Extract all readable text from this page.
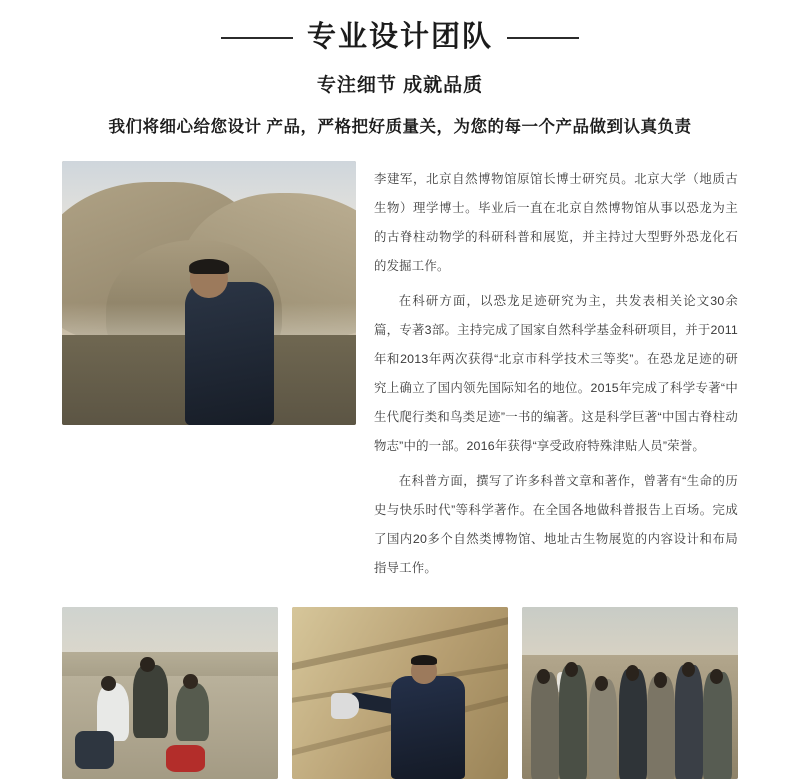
专业设计团队
专注细节 成就品质
我们将细心给您设计 产品，严格把好质量关，为您的每一个产品做到认真负责

李建军，北京自然博物馆原馆长博士研究员。北京大学（地质古生物）理学博士。毕业后一直在北京自然博物馆从事以恐龙为主的古脊柱动物学的科研科普和展览，并主持过大型野外恐龙化石的发掘工作。

在科研方面，以恐龙足迹研究为主，共发表相关论文30余篇，专著3部。主持完成了国家自然科学基金科研项目，并于2011年和2013年两次获得“北京市科学技术三等奖”。在恐龙足迹的研究上确立了国内领先国际知名的地位。2015年完成了科学专著“中生代爬行类和鸟类足迹”一书的编著。这是科学巨著“中国古脊柱动物志”中的一部。2016年获得“享受政府特殊津贴人员”荣誉。

在科普方面，撰写了许多科普文章和著作，曾著有“生命的历史与快乐时代”等科学著作。在全国各地做科普报告上百场。完成了国内20多个自然类博物馆、地址古生物展览的内容设计和布局指导工作。
